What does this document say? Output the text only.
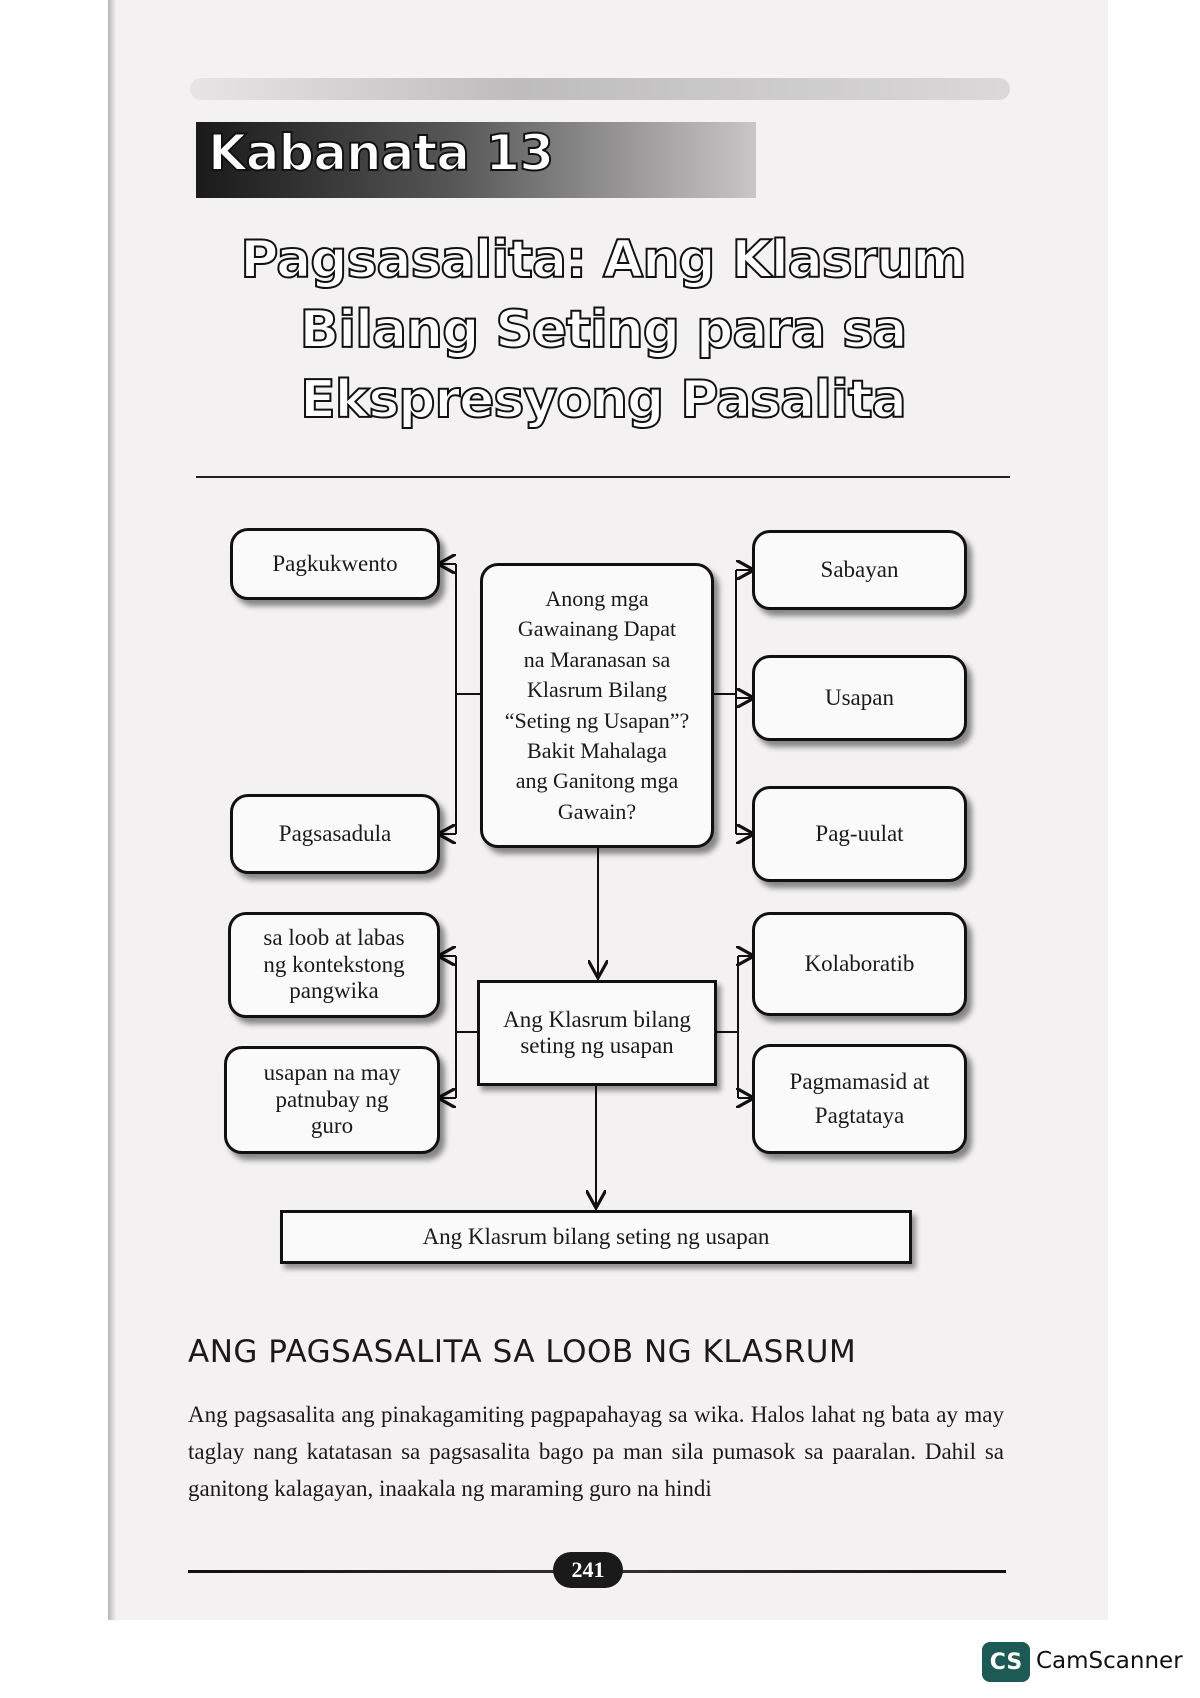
Kabanata 13
Pagsasalita: Ang Klasrum
Bilang Seting para sa
Ekspresyong Pasalita
Anong mga
Gawainang Dapat
na Maranasan sa
Klasrum Bilang
“Seting ng Usapan”?
Bakit Mahalaga
ang Ganitong mga
Gawain?
Pagkukwento
Pagsasadula
Sabayan
Usapan
Pag-uulat
Ang Klasrum bilang
seting ng usapan
sa loob at labas
ng kontekstong
pangwika
usapan na may
patnubay ng
guro
Kolaboratib
Pagmamasid at
Pagtataya
Ang Klasrum bilang seting ng usapan
ANG PAGSASALITA SA LOOB NG KLASRUM
Ang pagsasalita ang pinakagamiting pagpapahayag sa wika. Halos lahat ng bata ay may taglay nang katatasan sa pagsasalita bago pa man sila pumasok sa paaralan. Dahil sa ganitong kalagayan, inaakala ng maraming guro na hindi
241
CS CamScanner
